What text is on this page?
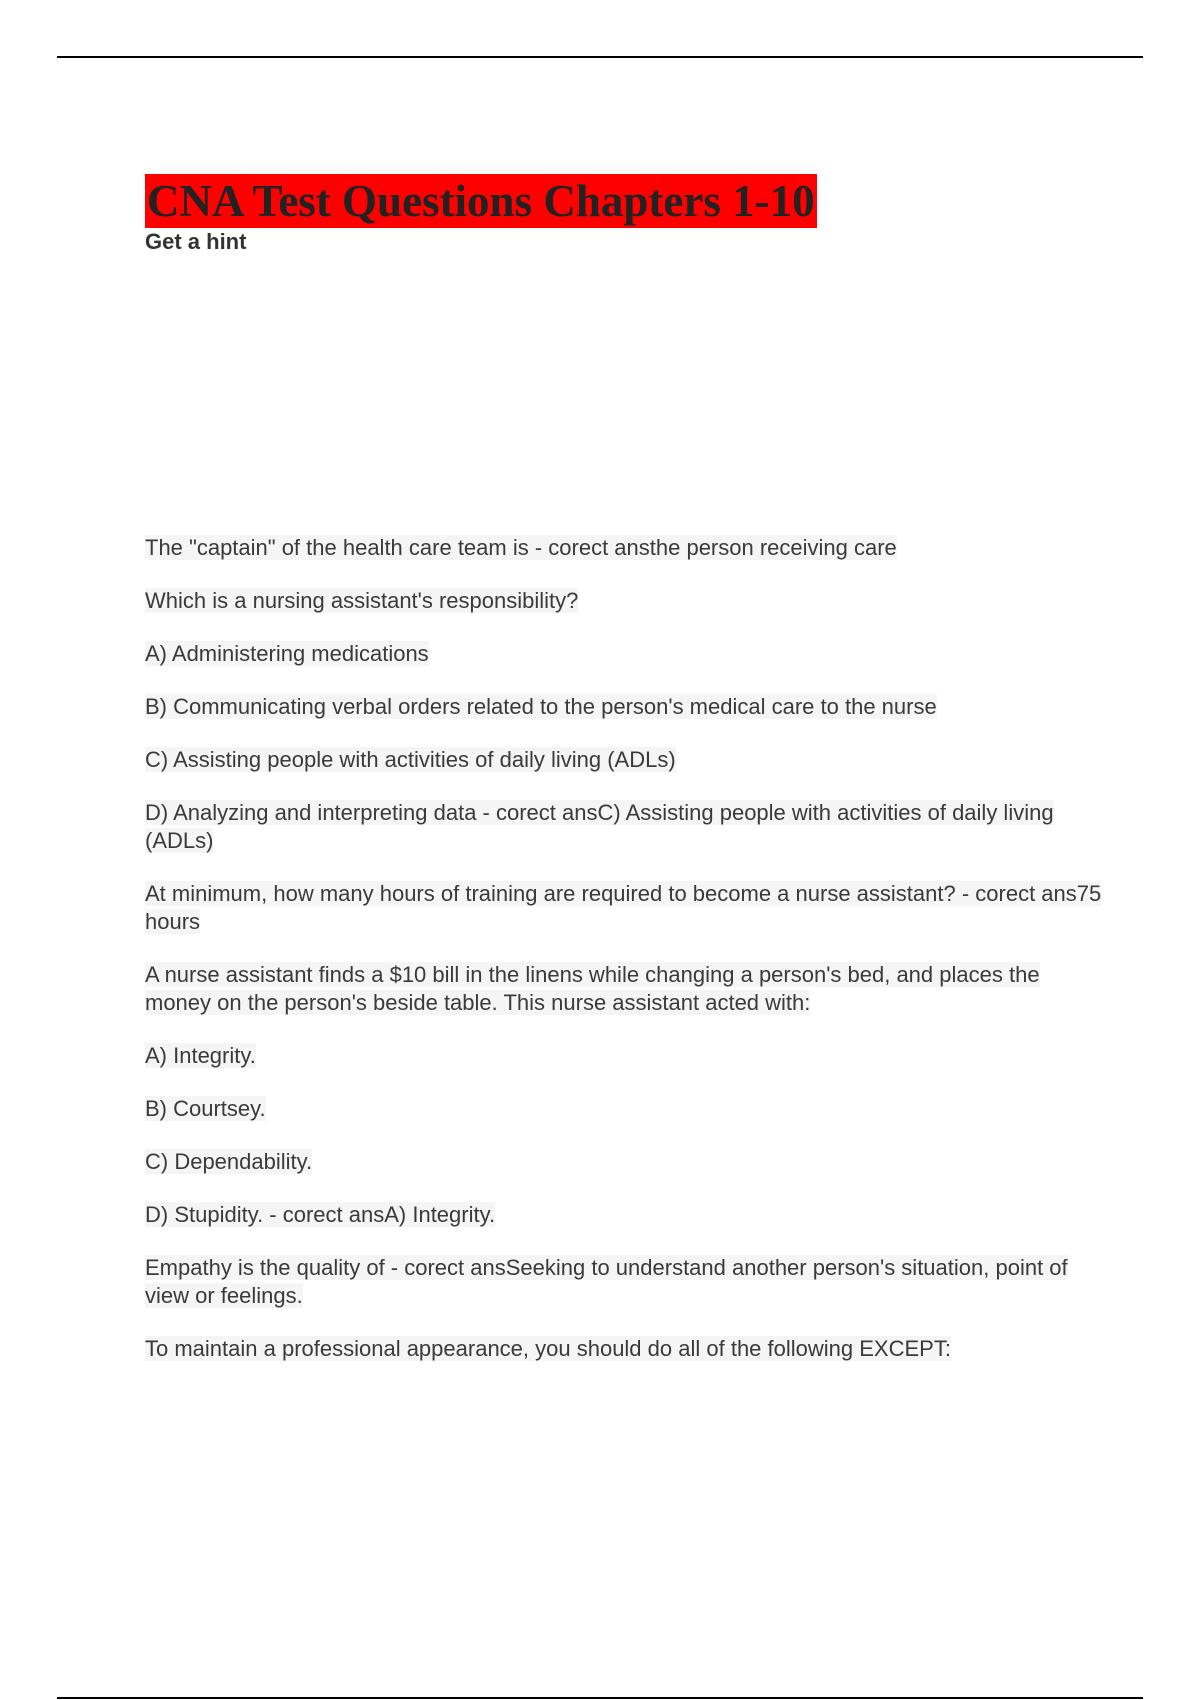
CNA Test Questions Chapters 1-10
Get a hint

The "captain" of the health care team is - corect ansthe person receiving care

Which is a nursing assistant's responsibility?

A) Administering medications

B) Communicating verbal orders related to the person's medical care to the nurse

C) Assisting people with activities of daily living (ADLs)

D) Analyzing and interpreting data - corect ansC) Assisting people with activities of daily living (ADLs)

At minimum, how many hours of training are required to become a nurse assistant? - corect ans75 hours

A nurse assistant finds a $10 bill in the linens while changing a person's bed, and places the money on the person's beside table. This nurse assistant acted with:

A) Integrity.

B) Courtsey.

C) Dependability.

D) Stupidity. - corect ansA) Integrity.

Empathy is the quality of - corect ansSeeking to understand another person's situation, point of view or feelings.

To maintain a professional appearance, you should do all of the following EXCEPT:
